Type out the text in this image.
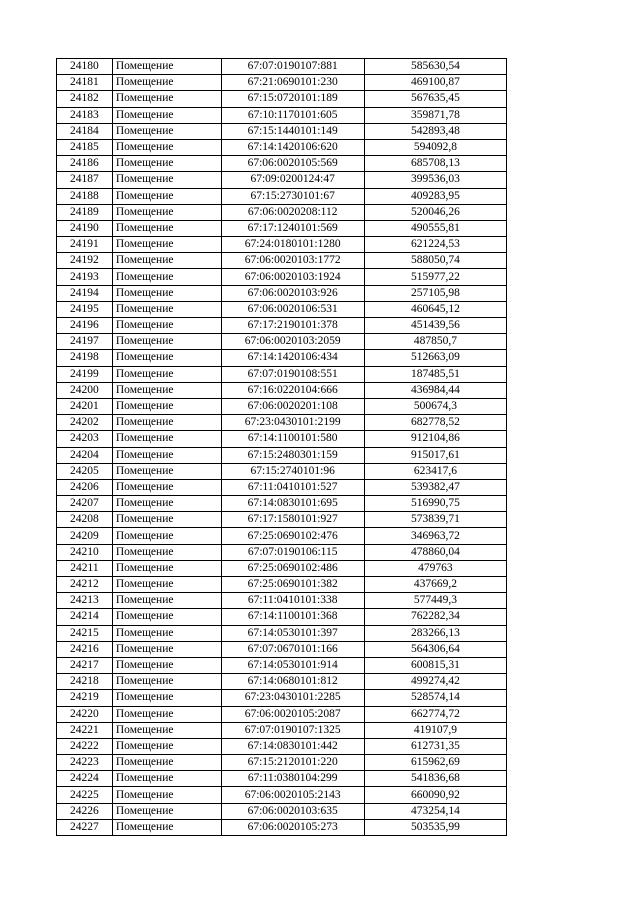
24180	Помещение	67:07:0190107:881	585630,54
24181	Помещение	67:21:0690101:230	469100,87
24182	Помещение	67:15:0720101:189	567635,45
24183	Помещение	67:10:1170101:605	359871,78
24184	Помещение	67:15:1440101:149	542893,48
24185	Помещение	67:14:1420106:620	594092,8
24186	Помещение	67:06:0020105:569	685708,13
24187	Помещение	67:09:0200124:47	399536,03
24188	Помещение	67:15:2730101:67	409283,95
24189	Помещение	67:06:0020208:112	520046,26
24190	Помещение	67:17:1240101:569	490555,81
24191	Помещение	67:24:0180101:1280	621224,53
24192	Помещение	67:06:0020103:1772	588050,74
24193	Помещение	67:06:0020103:1924	515977,22
24194	Помещение	67:06:0020103:926	257105,98
24195	Помещение	67:06:0020106:531	460645,12
24196	Помещение	67:17:2190101:378	451439,56
24197	Помещение	67:06:0020103:2059	487850,7
24198	Помещение	67:14:1420106:434	512663,09
24199	Помещение	67:07:0190108:551	187485,51
24200	Помещение	67:16:0220104:666	436984,44
24201	Помещение	67:06:0020201:108	500674,3
24202	Помещение	67:23:0430101:2199	682778,52
24203	Помещение	67:14:1100101:580	912104,86
24204	Помещение	67:15:2480301:159	915017,61
24205	Помещение	67:15:2740101:96	623417,6
24206	Помещение	67:11:0410101:527	539382,47
24207	Помещение	67:14:0830101:695	516990,75
24208	Помещение	67:17:1580101:927	573839,71
24209	Помещение	67:25:0690102:476	346963,72
24210	Помещение	67:07:0190106:115	478860,04
24211	Помещение	67:25:0690102:486	479763
24212	Помещение	67:25:0690101:382	437669,2
24213	Помещение	67:11:0410101:338	577449,3
24214	Помещение	67:14:1100101:368	762282,34
24215	Помещение	67:14:0530101:397	283266,13
24216	Помещение	67:07:0670101:166	564306,64
24217	Помещение	67:14:0530101:914	600815,31
24218	Помещение	67:14:0680101:812	499274,42
24219	Помещение	67:23:0430101:2285	528574,14
24220	Помещение	67:06:0020105:2087	662774,72
24221	Помещение	67:07:0190107:1325	419107,9
24222	Помещение	67:14:0830101:442	612731,35
24223	Помещение	67:15:2120101:220	615962,69
24224	Помещение	67:11:0380104:299	541836,68
24225	Помещение	67:06:0020105:2143	660090,92
24226	Помещение	67:06:0020103:635	473254,14
24227	Помещение	67:06:0020105:273	503535,99
